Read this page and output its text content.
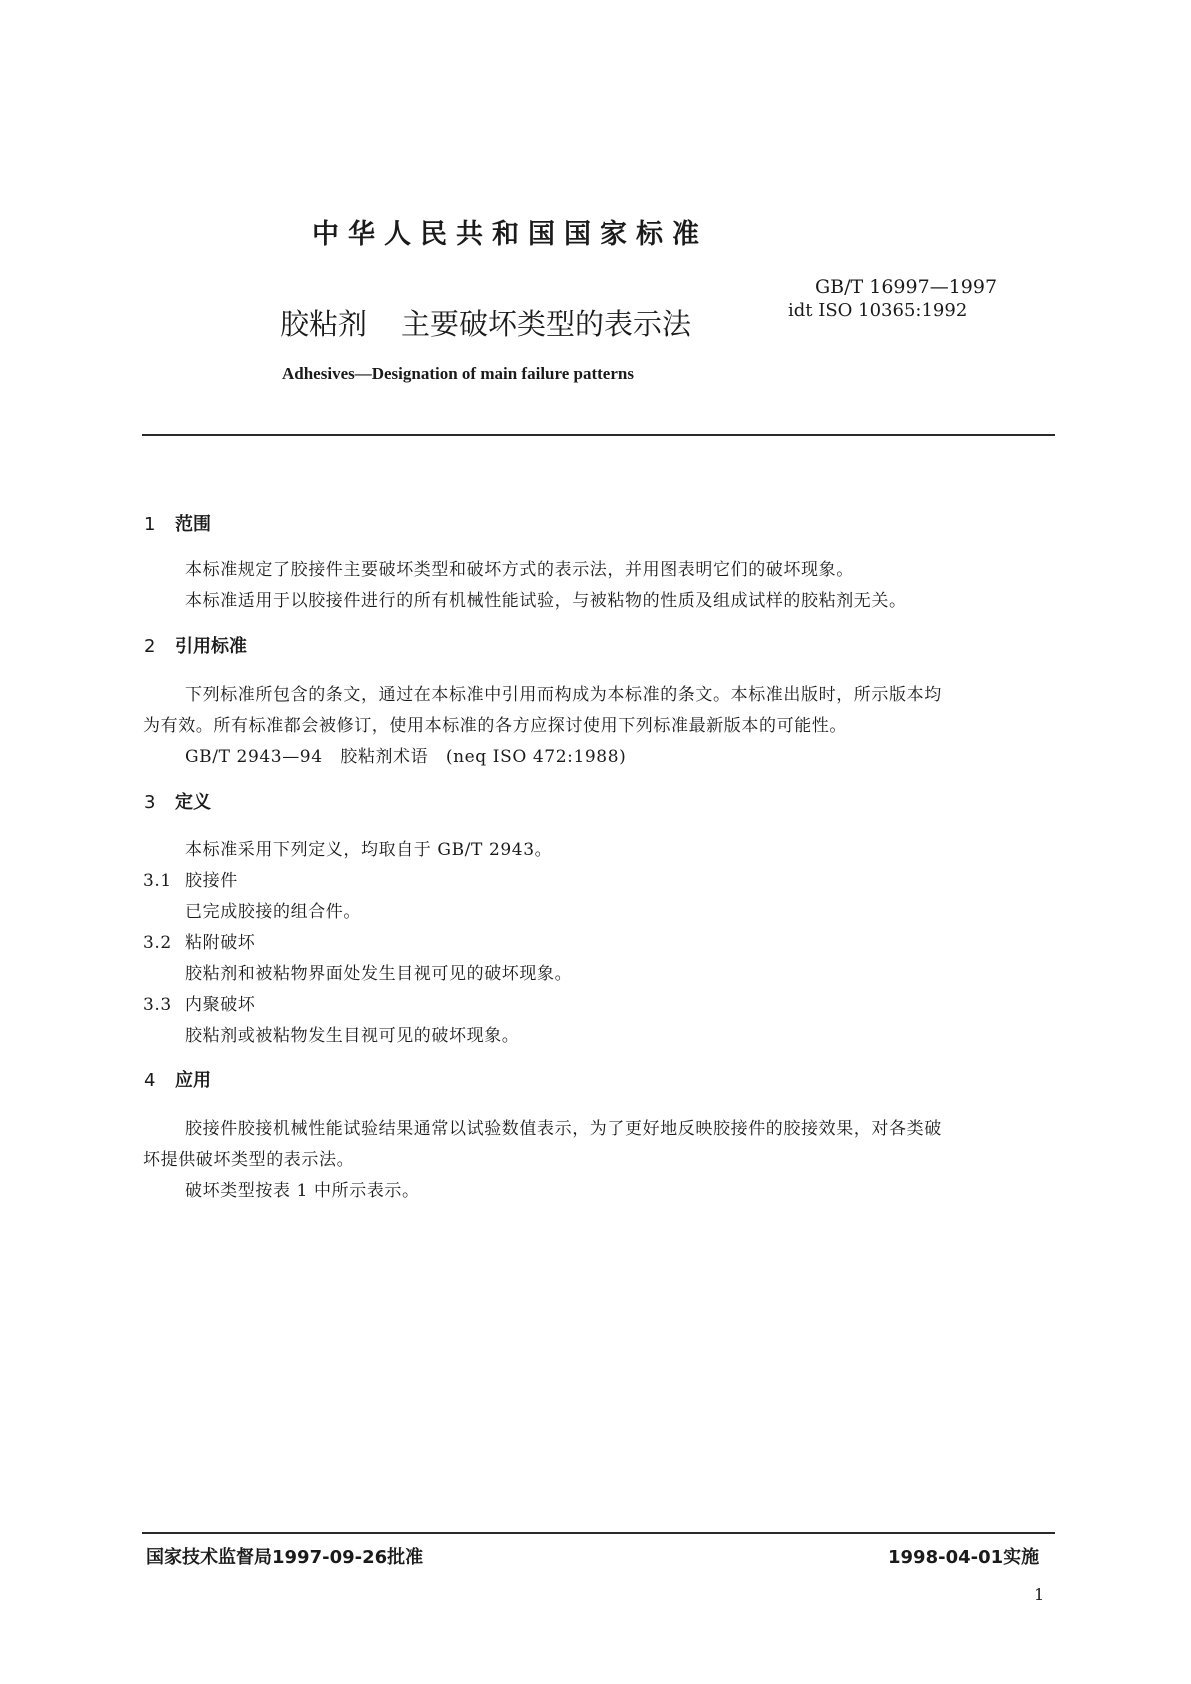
中华人民共和国国家标准
GB/T 16997—1997
idt ISO 10365:1992
胶粘剂 主要破坏类型的表示法
Adhesives—Designation of main failure patterns
1 范围
本标准规定了胶接件主要破坏类型和破坏方式的表示法，并用图表明它们的破坏现象。
本标准适用于以胶接件进行的所有机械性能试验，与被粘物的性质及组成试样的胶粘剂无关。
2 引用标准
下列标准所包含的条文，通过在本标准中引用而构成为本标准的条文。本标准出版时，所示版本均
为有效。所有标准都会被修订，使用本标准的各方应探讨使用下列标准最新版本的可能性。
GB/T 2943—94　胶粘剂术语　(neq ISO 472:1988)
3 定义
本标准采用下列定义，均取自于 GB/T 2943。
3.1 胶接件
已完成胶接的组合件。
3.2 粘附破坏
胶粘剂和被粘物界面处发生目视可见的破坏现象。
3.3 内聚破坏
胶粘剂或被粘物发生目视可见的破坏现象。
4 应用
胶接件胶接机械性能试验结果通常以试验数值表示，为了更好地反映胶接件的胶接效果，对各类破
坏提供破坏类型的表示法。
破坏类型按表 1 中所示表示。
国家技术监督局1997-09-26批准	1998-04-01实施
1
